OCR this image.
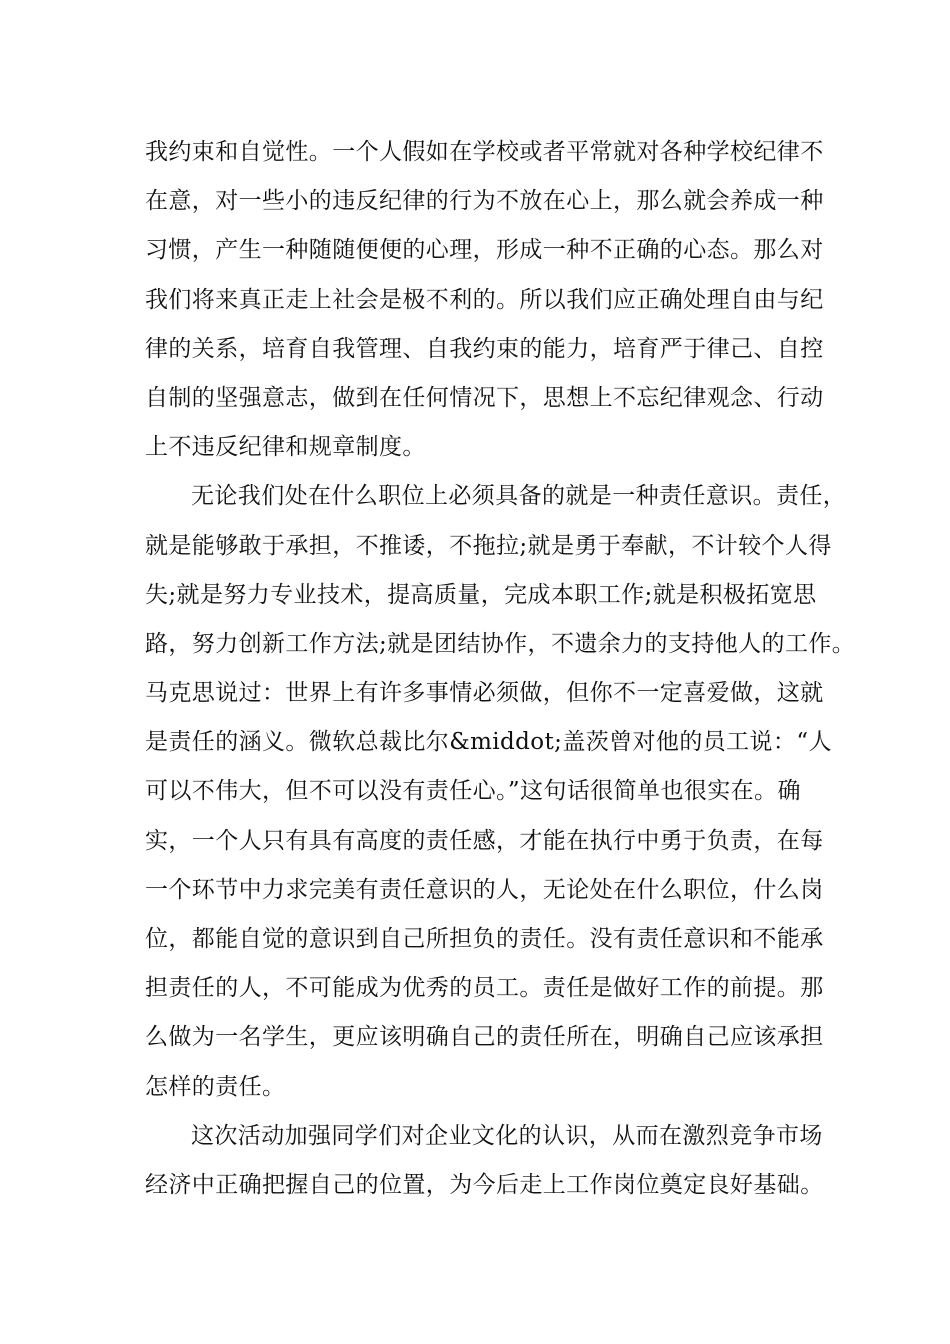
我约束和自觉性。一个人假如在学校或者平常就对各种学校纪律不
在意，对一些小的违反纪律的行为不放在心上，那么就会养成一种
习惯，产生一种随随便便的心理，形成一种不正确的心态。那么对
我们将来真正走上社会是极不利的。所以我们应正确处理自由与纪
律的关系，培育自我管理、自我约束的能力，培育严于律己、自控
自制的坚强意志，做到在任何情况下，思想上不忘纪律观念、行动
上不违反纪律和规章制度。
无论我们处在什么职位上必须具备的就是一种责任意识。责任，
就是能够敢于承担，不推诿，不拖拉;就是勇于奉献，不计较个人得
失;就是努力专业技术，提高质量，完成本职工作;就是积极拓宽思
路，努力创新工作方法;就是团结协作，不遗余力的支持他人的工作。
马克思说过：世界上有许多事情必须做，但你不一定喜爱做，这就
是责任的涵义。微软总裁比尔&middot;盖茨曾对他的员工说：“人
可以不伟大，但不可以没有责任心。”这句话很简单也很实在。确
实，一个人只有具有高度的责任感，才能在执行中勇于负责，在每
一个环节中力求完美有责任意识的人，无论处在什么职位，什么岗
位，都能自觉的意识到自己所担负的责任。没有责任意识和不能承
担责任的人，不可能成为优秀的员工。责任是做好工作的前提。那
么做为一名学生，更应该明确自己的责任所在，明确自己应该承担
怎样的责任。
这次活动加强同学们对企业文化的认识，从而在激烈竞争市场
经济中正确把握自己的位置，为今后走上工作岗位奠定良好基础。
